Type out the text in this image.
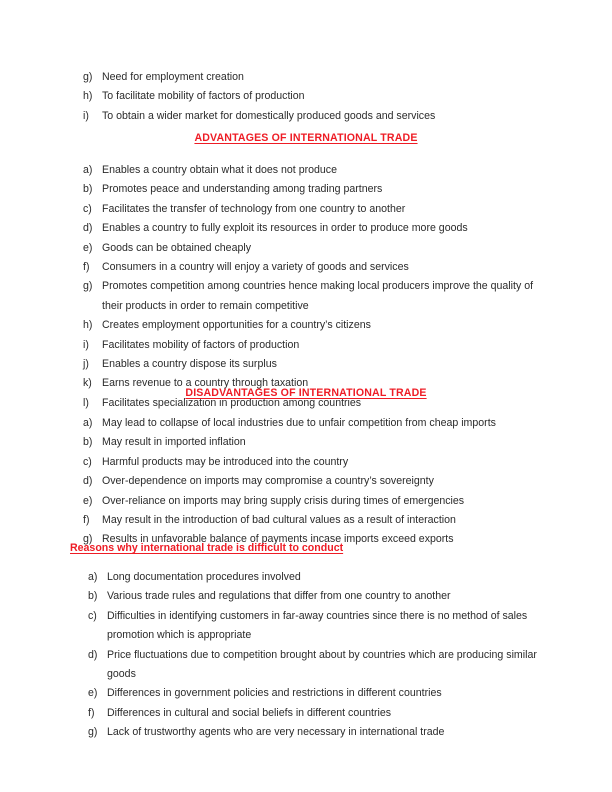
g) Need for employment creation
h) To facilitate mobility of factors of production
i)	To obtain a wider market for domestically produced goods and services
ADVANTAGES OF INTERNATIONAL TRADE
a) Enables a country obtain what it does not produce
b) Promotes peace and understanding among trading partners
c) Facilitates the transfer of technology from one country to another
d) Enables a country to fully exploit its resources in order to produce more goods
e) Goods can be obtained cheaply
f)	Consumers in a country will enjoy a variety of goods and services
g) Promotes competition among countries hence making local producers improve the quality of their products in order to remain competitive
h) Creates employment opportunities for a country’s citizens
i)	Facilitates mobility of factors of production
j)	Enables a country dispose its surplus
k) Earns revenue to a country through taxation
l)	Facilitates specialization in production among countries
DISADVANTAGES OF INTERNATIONAL TRADE
a) May lead to collapse of local industries due to unfair competition from cheap imports
b) May result in imported inflation
c) Harmful products may be introduced into the country
d) Over-dependence on imports may compromise a country’s sovereignty
e) Over-reliance on imports may bring supply crisis during times of emergencies
f)	May result in the introduction of bad cultural values as a result of interaction
g) Results in unfavorable balance of payments incase imports exceed exports
Reasons why international trade is difficult to conduct
a) Long documentation procedures involved
b) Various trade rules and regulations that differ from one country to another
c) Difficulties in identifying customers in far-away countries since there is no method of sales promotion which is appropriate
d) Price fluctuations due to competition brought about by countries which are producing similar goods
e) Differences in government policies and restrictions in different countries
f)	Differences in cultural and social beliefs in different countries
g) Lack of trustworthy agents who are very necessary in international trade
